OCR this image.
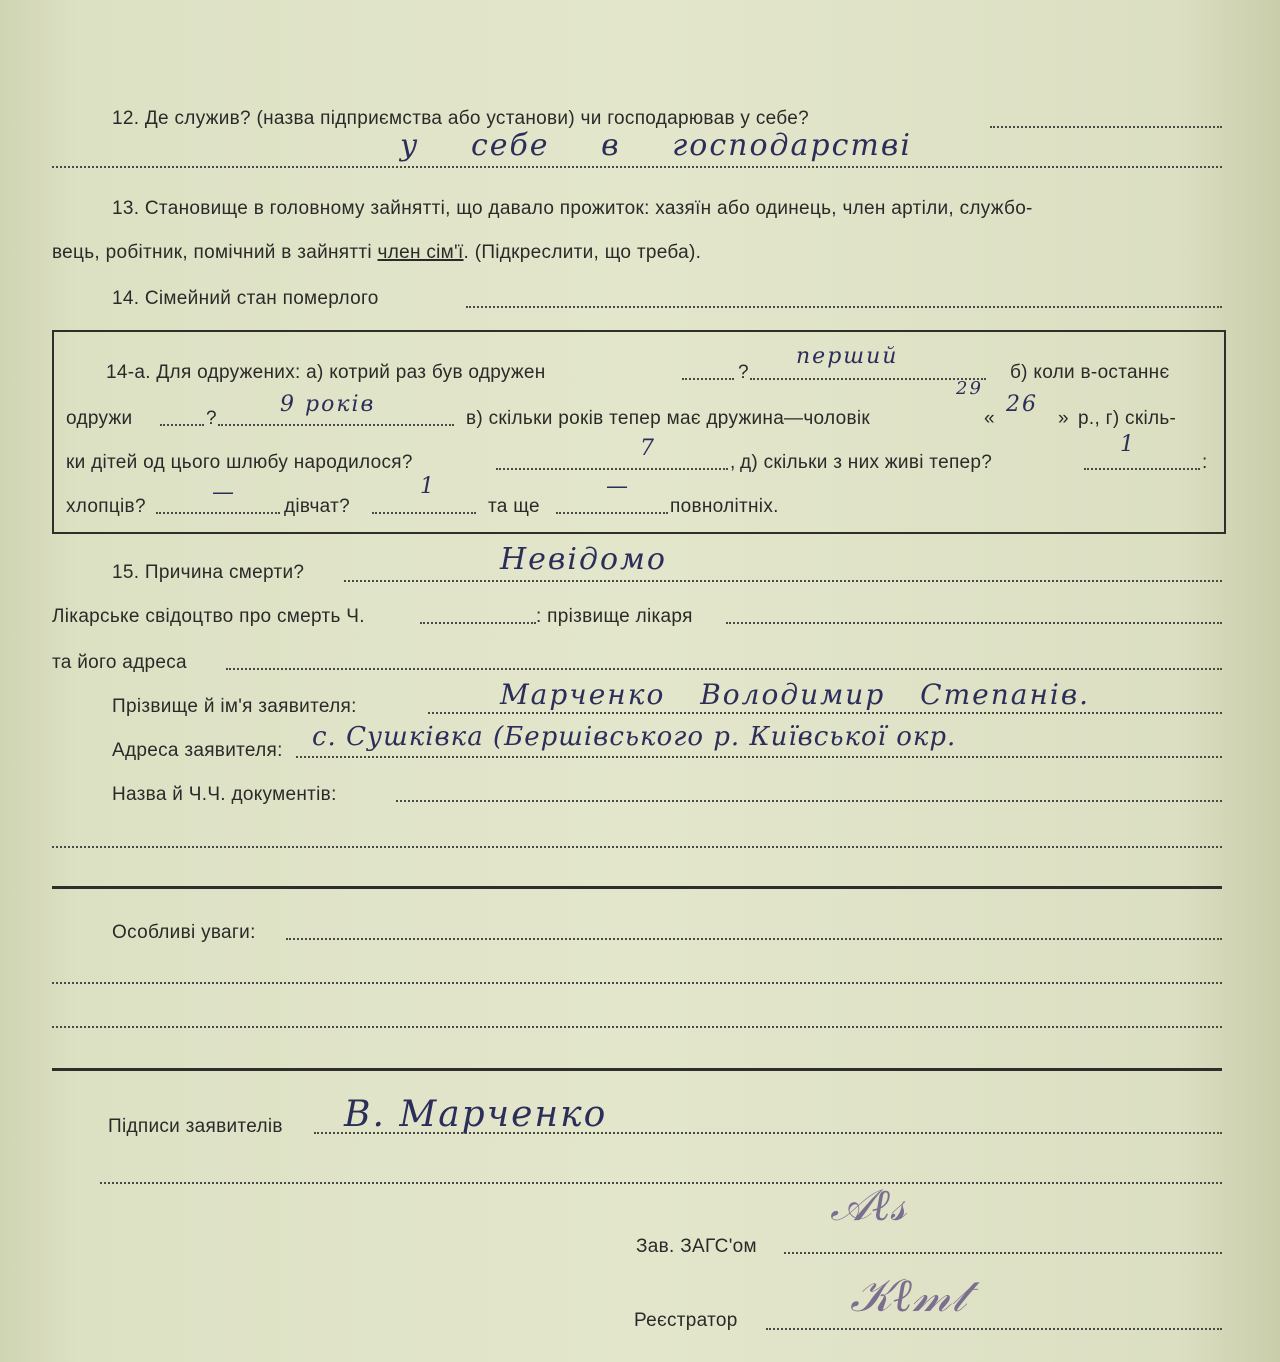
12. Де служив? (назва підприємства або установи) чи господарював у себе?
у себе в господарстві
13. Становище в головному зайнятті, що давало прожиток: хазяїн або одинець, член артіли, службо-
вець, робітник, помічний в зайнятті член сім'ї. (Підкреслити, що треба).
14. Сімейний стан померлого
14-а. Для одружених: а) котрий раз був одружен	?
перший
б) коли в-останнє
одружи	?
9 років
в) скільки років тепер має дружина—чоловік	«	»
29
26
р., г) скіль-
ки дітей од цього шлюбу народилося?
7
, д) скільки з них живі тепер?
1
:
хлопців?
—
дівчат?
1
та ще
—
повнолітніх.
15. Причина смерти?	Невідомо
Лікарське свідоцтво про смерть Ч.	: прізвище лікаря
та його адреса
Прізвище й ім'я заявителя:	Марченко Володимир Степанів.
Адреса заявителя: с. Сушківка (Бершівського р. Київської окр.
Назва й Ч.Ч. документів:
Особливі уваги:
Підписи заявителів В. Марченко
Зав. ЗАГС'ом
𝒜ℓ𝓈
Реєстратор 𝒦ℓ𝓂𝓉
